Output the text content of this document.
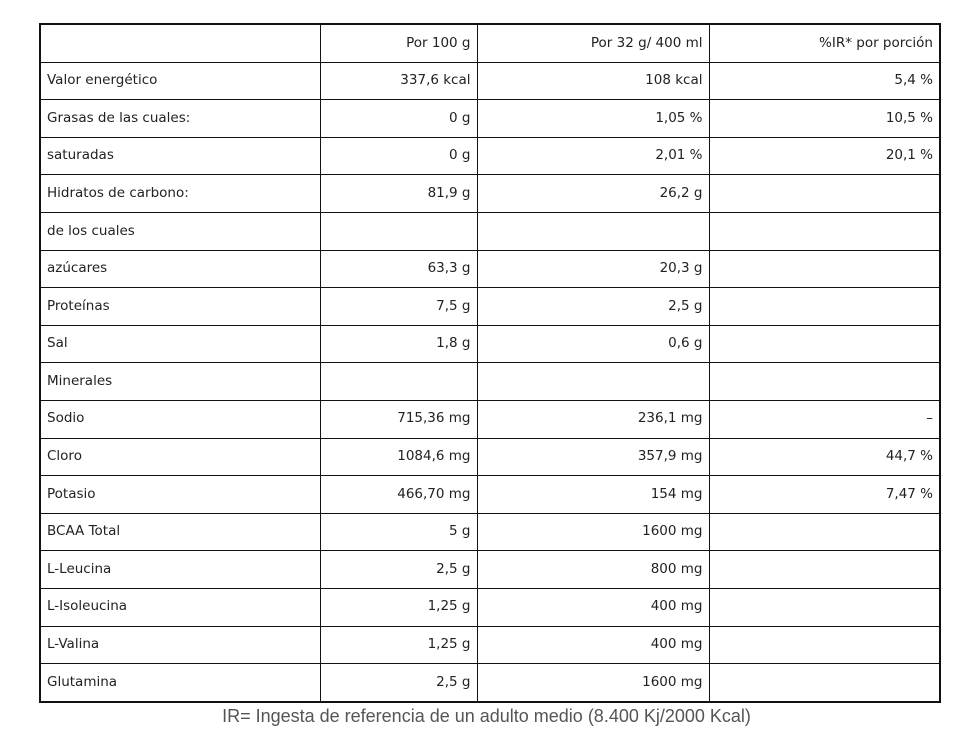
	Por 100 g	Por 32 g/ 400 ml	%IR* por porción
Valor energético	337,6 kcal	108 kcal	5,4 %
Grasas de las cuales:	0 g	1,05 %	10,5 %
saturadas	0 g	2,01 %	20,1 %
Hidratos de carbono:	81,9 g	26,2 g	
de los cuales			
azúcares	63,3 g	20,3 g	
Proteínas	7,5 g	2,5 g	
Sal	1,8 g	0,6 g	
Minerales			
Sodio	715,36 mg	236,1 mg	–
Cloro	1084,6 mg	357,9 mg	44,7 %
Potasio	466,70 mg	154 mg	7,47 %
BCAA Total	5 g	1600 mg	
L-Leucina	2,5 g	800 mg	
L-Isoleucina	1,25 g	400 mg	
L-Valina	1,25 g	400 mg	
Glutamina	2,5 g	1600 mg	
IR= Ingesta de referencia de un adulto medio (8.400 Kj/2000 Kcal)
